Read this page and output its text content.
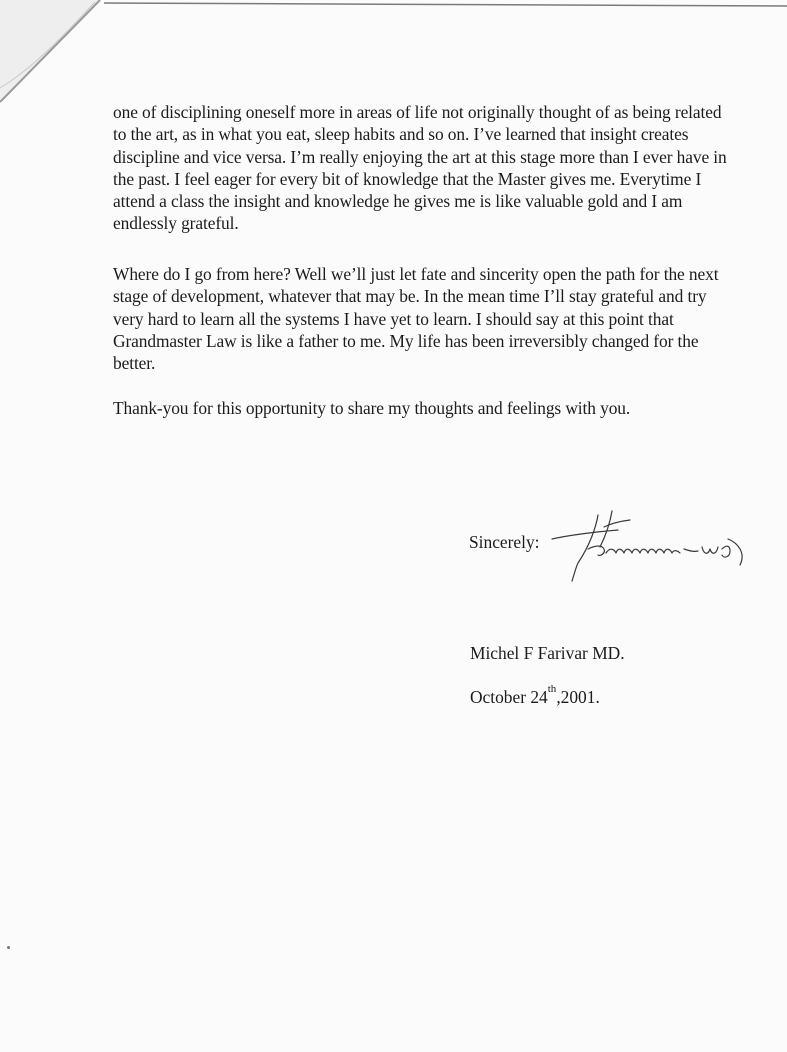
one of disciplining oneself more in areas of life not originally thought of as being related to the art, as in what you eat, sleep habits and so on. I’ve learned that insight creates discipline and vice versa. I’m really enjoying the art at this stage more than I ever have in the past. I feel eager for every bit of knowledge that the Master gives me. Everytime I attend a class the insight and knowledge he gives me is like valuable gold and I am endlessly grateful.

Where do I go from here? Well we’ll just let fate and sincerity open the path for the next stage of development, whatever that may be. In the mean time I’ll stay grateful and try very hard to learn all the systems I have yet to learn. I should say at this point that Grandmaster Law is like a father to me. My life has been irreversibly changed for the better.

Thank-you for this opportunity to share my thoughts and feelings with you.

Sincerely:
Michel F Farivar MD.
October 24th,2001.
